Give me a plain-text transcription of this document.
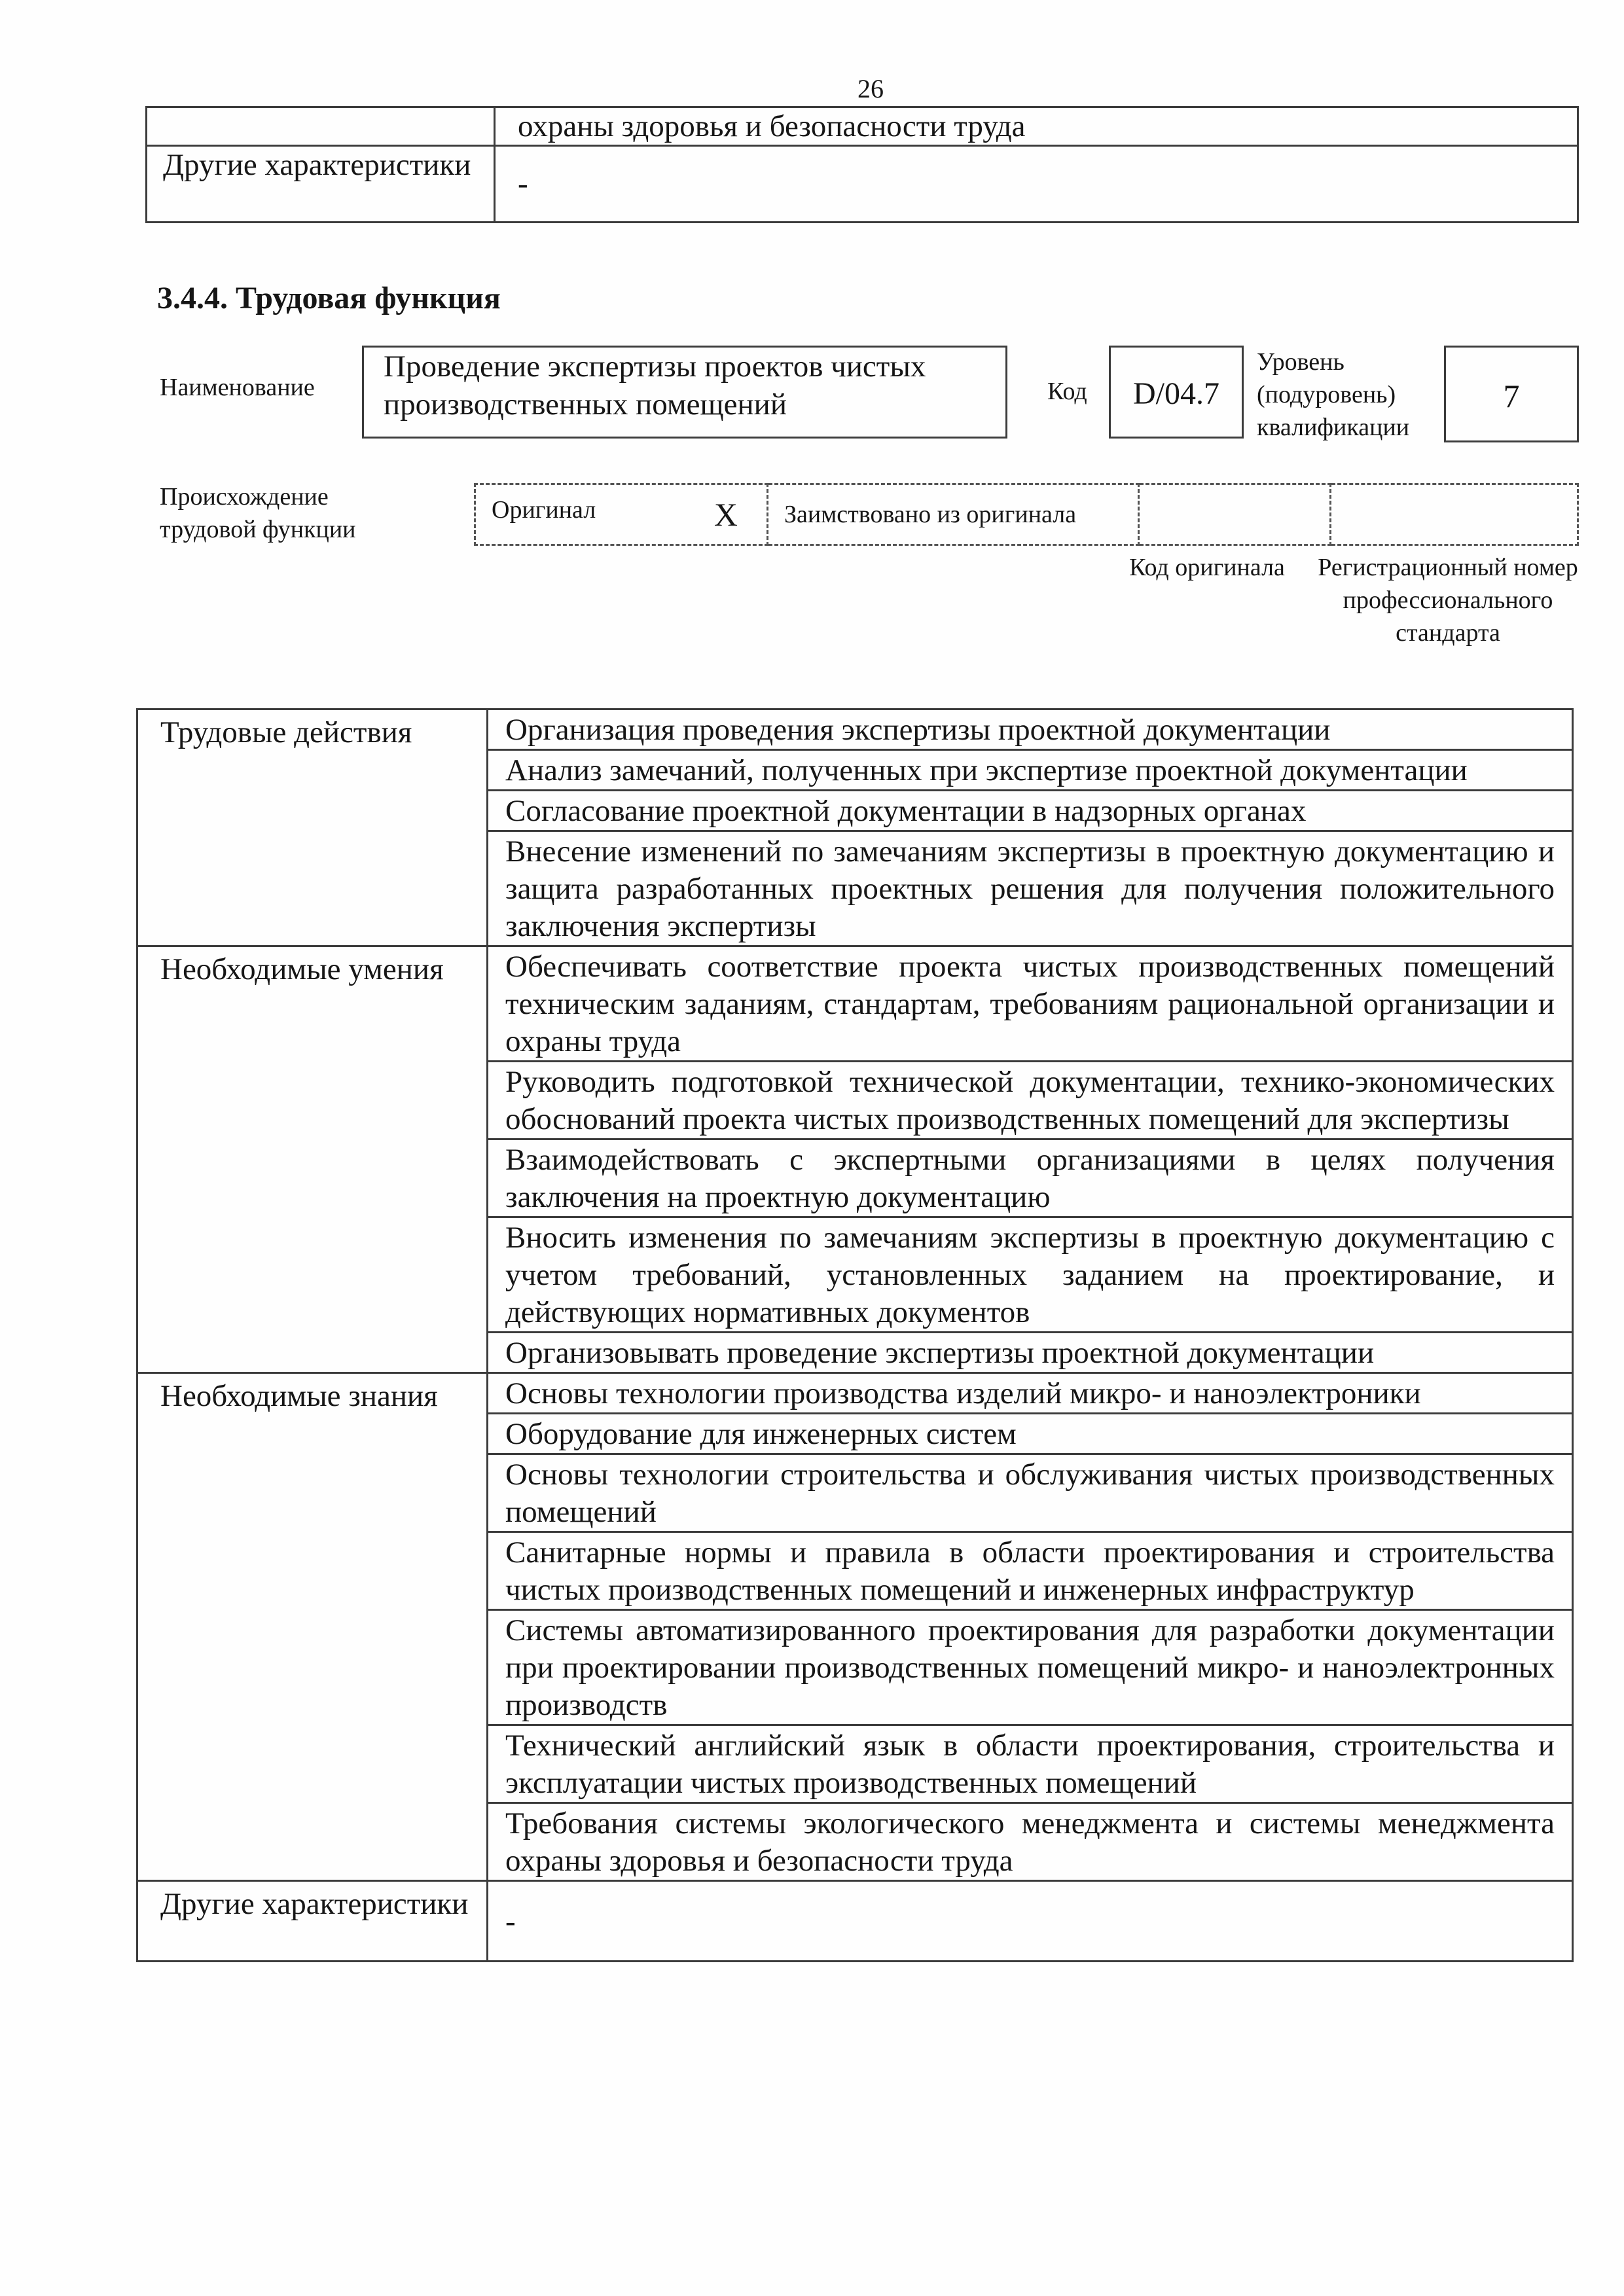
26
	охраны здоровья и безопасности труда
Другие характеристики	-
3.4.4. Трудовая функция
Наименование
Проведение экспертизы проектов чистых производственных помещений	Код	D/04.7
Уровень (подуровень) квалификации
7
Происхождение трудовой функции
Оригинал	X	Заимствовано из оригинала		
Код оригинала Регистрационный номер профессионального стандарта
Трудовые действия	Организация проведения экспертизы проектной документации
	Анализ замечаний, полученных при экспертизе проектной документации
	Согласование проектной документации в надзорных органах
	Внесение изменений по замечаниям экспертизы в проектную документацию и защита разработанных проектных решения для получения положительного заключения экспертизы
Необходимые умения	Обеспечивать соответствие проекта чистых производственных помещений техническим заданиям, стандартам, требованиям рациональной организации и охраны труда
	Руководить подготовкой технической документации, технико-экономических обоснований проекта чистых производственных помещений для экспертизы
	Взаимодействовать с экспертными организациями в целях получения заключения на проектную документацию
	Вносить изменения по замечаниям экспертизы в проектную документацию с учетом требований, установленных заданием на проектирование, и действующих нормативных документов
	Организовывать проведение экспертизы проектной документации
Необходимые знания	Основы технологии производства изделий микро- и наноэлектроники
	Оборудование для инженерных систем
	Основы технологии строительства и обслуживания чистых производственных помещений
	Санитарные нормы и правила в области проектирования и строительства чистых производственных помещений и инженерных инфраструктур
	Системы автоматизированного проектирования для разработки документации при проектировании производственных помещений микро- и наноэлектронных производств
	Технический английский язык в области проектирования, строительства и эксплуатации чистых производственных помещений
	Требования системы экологического менеджмента и системы менеджмента охраны здоровья и безопасности труда
Другие характеристики	-
